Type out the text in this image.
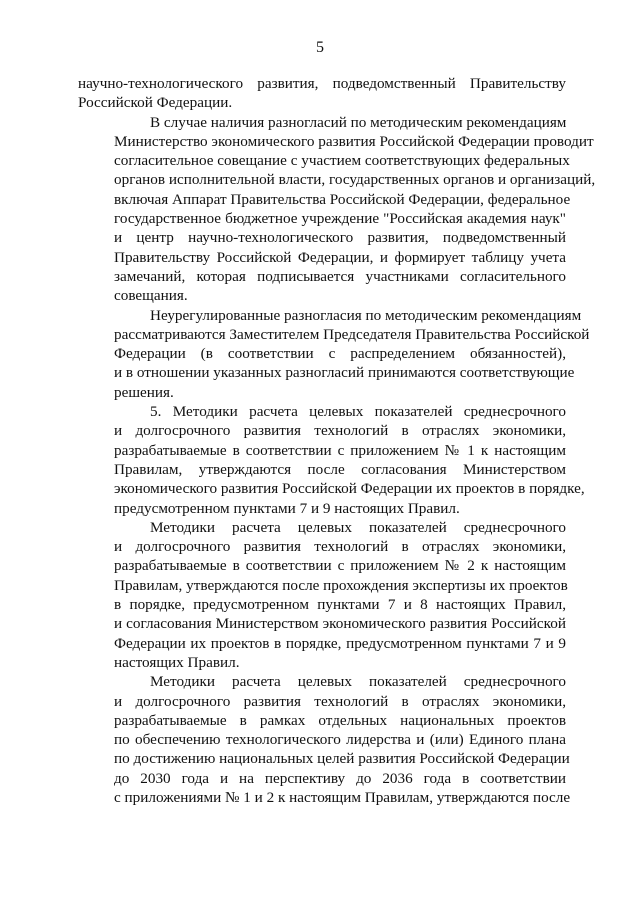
5
научно-технологического развития, подведомственный Правительству
Российской Федерации.
В случае наличия разногласий по методическим рекомендациям
Министерство экономического развития Российской Федерации проводит
согласительное совещание с участием соответствующих федеральных
органов исполнительной власти, государственных органов и организаций,
включая Аппарат Правительства Российской Федерации, федеральное
государственное бюджетное учреждение "Российская академия наук"
и центр научно-технологического развития, подведомственный
Правительству Российской Федерации, и формирует таблицу учета
замечаний, которая подписывается участниками согласительного
совещания.
Неурегулированные разногласия по методическим рекомендациям
рассматриваются Заместителем Председателя Правительства Российской
Федерации (в соответствии с распределением обязанностей),
и в отношении указанных разногласий принимаются соответствующие
решения.
5. Методики расчета целевых показателей среднесрочного
и долгосрочного развития технологий в отраслях экономики,
разрабатываемые в соответствии с приложением № 1 к настоящим
Правилам, утверждаются после согласования Министерством
экономического развития Российской Федерации их проектов в порядке,
предусмотренном пунктами 7 и 9 настоящих Правил.
Методики расчета целевых показателей среднесрочного
и долгосрочного развития технологий в отраслях экономики,
разрабатываемые в соответствии с приложением № 2 к настоящим
Правилам, утверждаются после прохождения экспертизы их проектов
в порядке, предусмотренном пунктами 7 и 8 настоящих Правил,
и согласования Министерством экономического развития Российской
Федерации их проектов в порядке, предусмотренном пунктами 7 и 9
настоящих Правил.
Методики расчета целевых показателей среднесрочного
и долгосрочного развития технологий в отраслях экономики,
разрабатываемые в рамках отдельных национальных проектов
по обеспечению технологического лидерства и (или) Единого плана
по достижению национальных целей развития Российской Федерации
до 2030 года и на перспективу до 2036 года в соответствии
с приложениями № 1 и 2 к настоящим Правилам, утверждаются после
